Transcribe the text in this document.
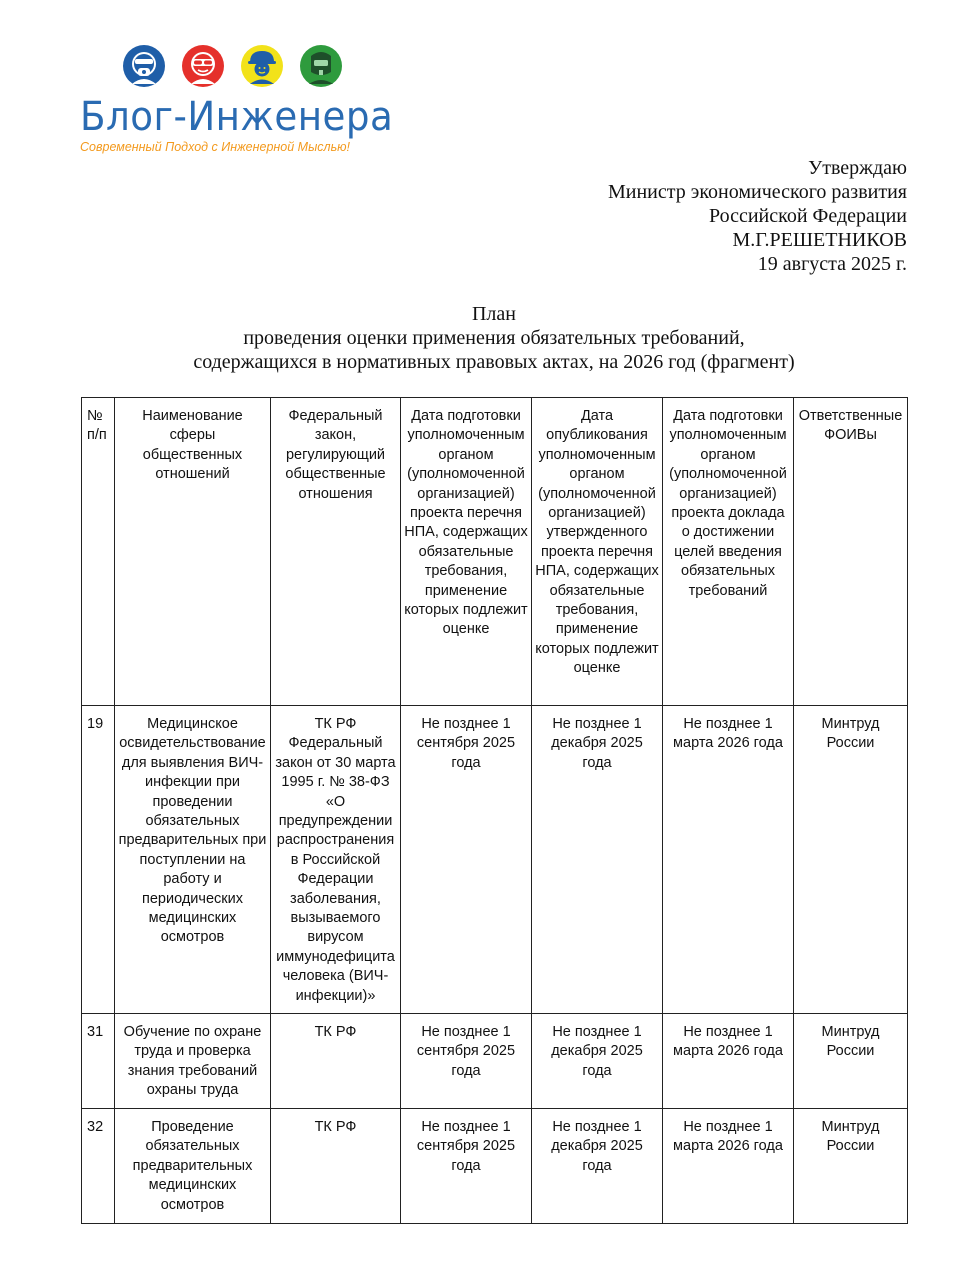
Блог-Инженера
Современный Подход с Инженерной Мыслью!
Утверждаю
Министр экономического развития
Российской Федерации
М.Г.РЕШЕТНИКОВ
19 августа 2025 г.
План
проведения оценки применения обязательных требований,
содержащихся в нормативных правовых актах, на 2026 год (фрагмент)
№ п/п	Наименование сферы общественных отношений	Федеральный закон, регулирующий общественные отношения	Дата подготовки уполномоченным органом (уполномоченной организацией) проекта перечня НПА, содержащих обязательные требования, применение которых подлежит оценке	Дата опубликования уполномоченным органом (уполномоченной организацией) утвержденного проекта перечня НПА, содержащих обязательные требования, применение которых подлежит оценке	Дата подготовки уполномоченным органом (уполномоченной организацией) проекта доклада о достижении целей введения обязательных требований	Ответственные ФОИВы
19	Медицинское освидетельствование для выявления ВИЧ-инфекции при проведении обязательных предварительных при поступлении на работу и периодических медицинских осмотров	ТК РФ Федеральный закон от 30 марта 1995 г. № 38-ФЗ «О предупреждении распространения в Российской Федерации заболевания, вызываемого вирусом иммунодефицита человека (ВИЧ-инфекции)»	Не позднее 1 сентября 2025 года	Не позднее 1 декабря 2025 года	Не позднее 1 марта 2026 года	Минтруд России
31	Обучение по охране труда и проверка знания требований охраны труда	ТК РФ	Не позднее 1 сентября 2025 года	Не позднее 1 декабря 2025 года	Не позднее 1 марта 2026 года	Минтруд России
32	Проведение обязательных предварительных медицинских осмотров	ТК РФ	Не позднее 1 сентября 2025 года	Не позднее 1 декабря 2025 года	Не позднее 1 марта 2026 года	Минтруд России
